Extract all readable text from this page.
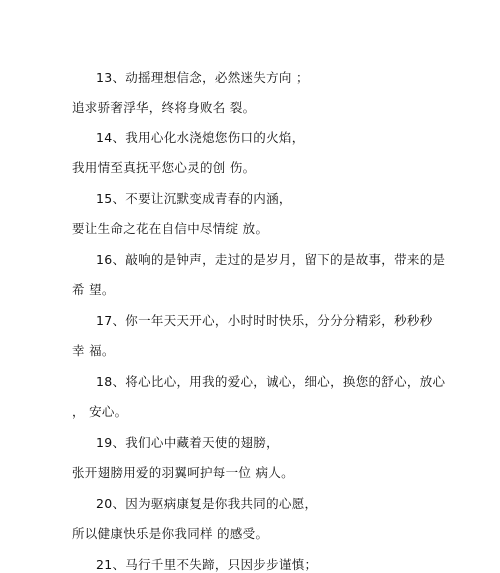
13、动摇理想信念，必然迷失方向 ；
追求骄奢浮华，终将身败名 裂。
14、我用心化水浇熄您伤口的火焰，
我用情至真抚平您心灵的创 伤。
15、不要让沉默变成青春的内涵，
要让生命之花在自信中尽情绽 放。
16、敲响的是钟声，走过的是岁月，留下的是故事，带来的是
希 望。
17、你一年天天开心，小时时时快乐，分分分精彩，秒秒秒
幸 福。
18、将心比心，用我的爱心，诚心，细心，换您的舒心，放心
， 安心。
19、我们心中藏着天使的翅膀，
张开翅膀用爱的羽翼呵护每一位 病人。
20、因为驱病康复是你我共同的心愿，
所以健康快乐是你我同样 的感受。
21、马行千里不失蹄，只因步步谨慎；
